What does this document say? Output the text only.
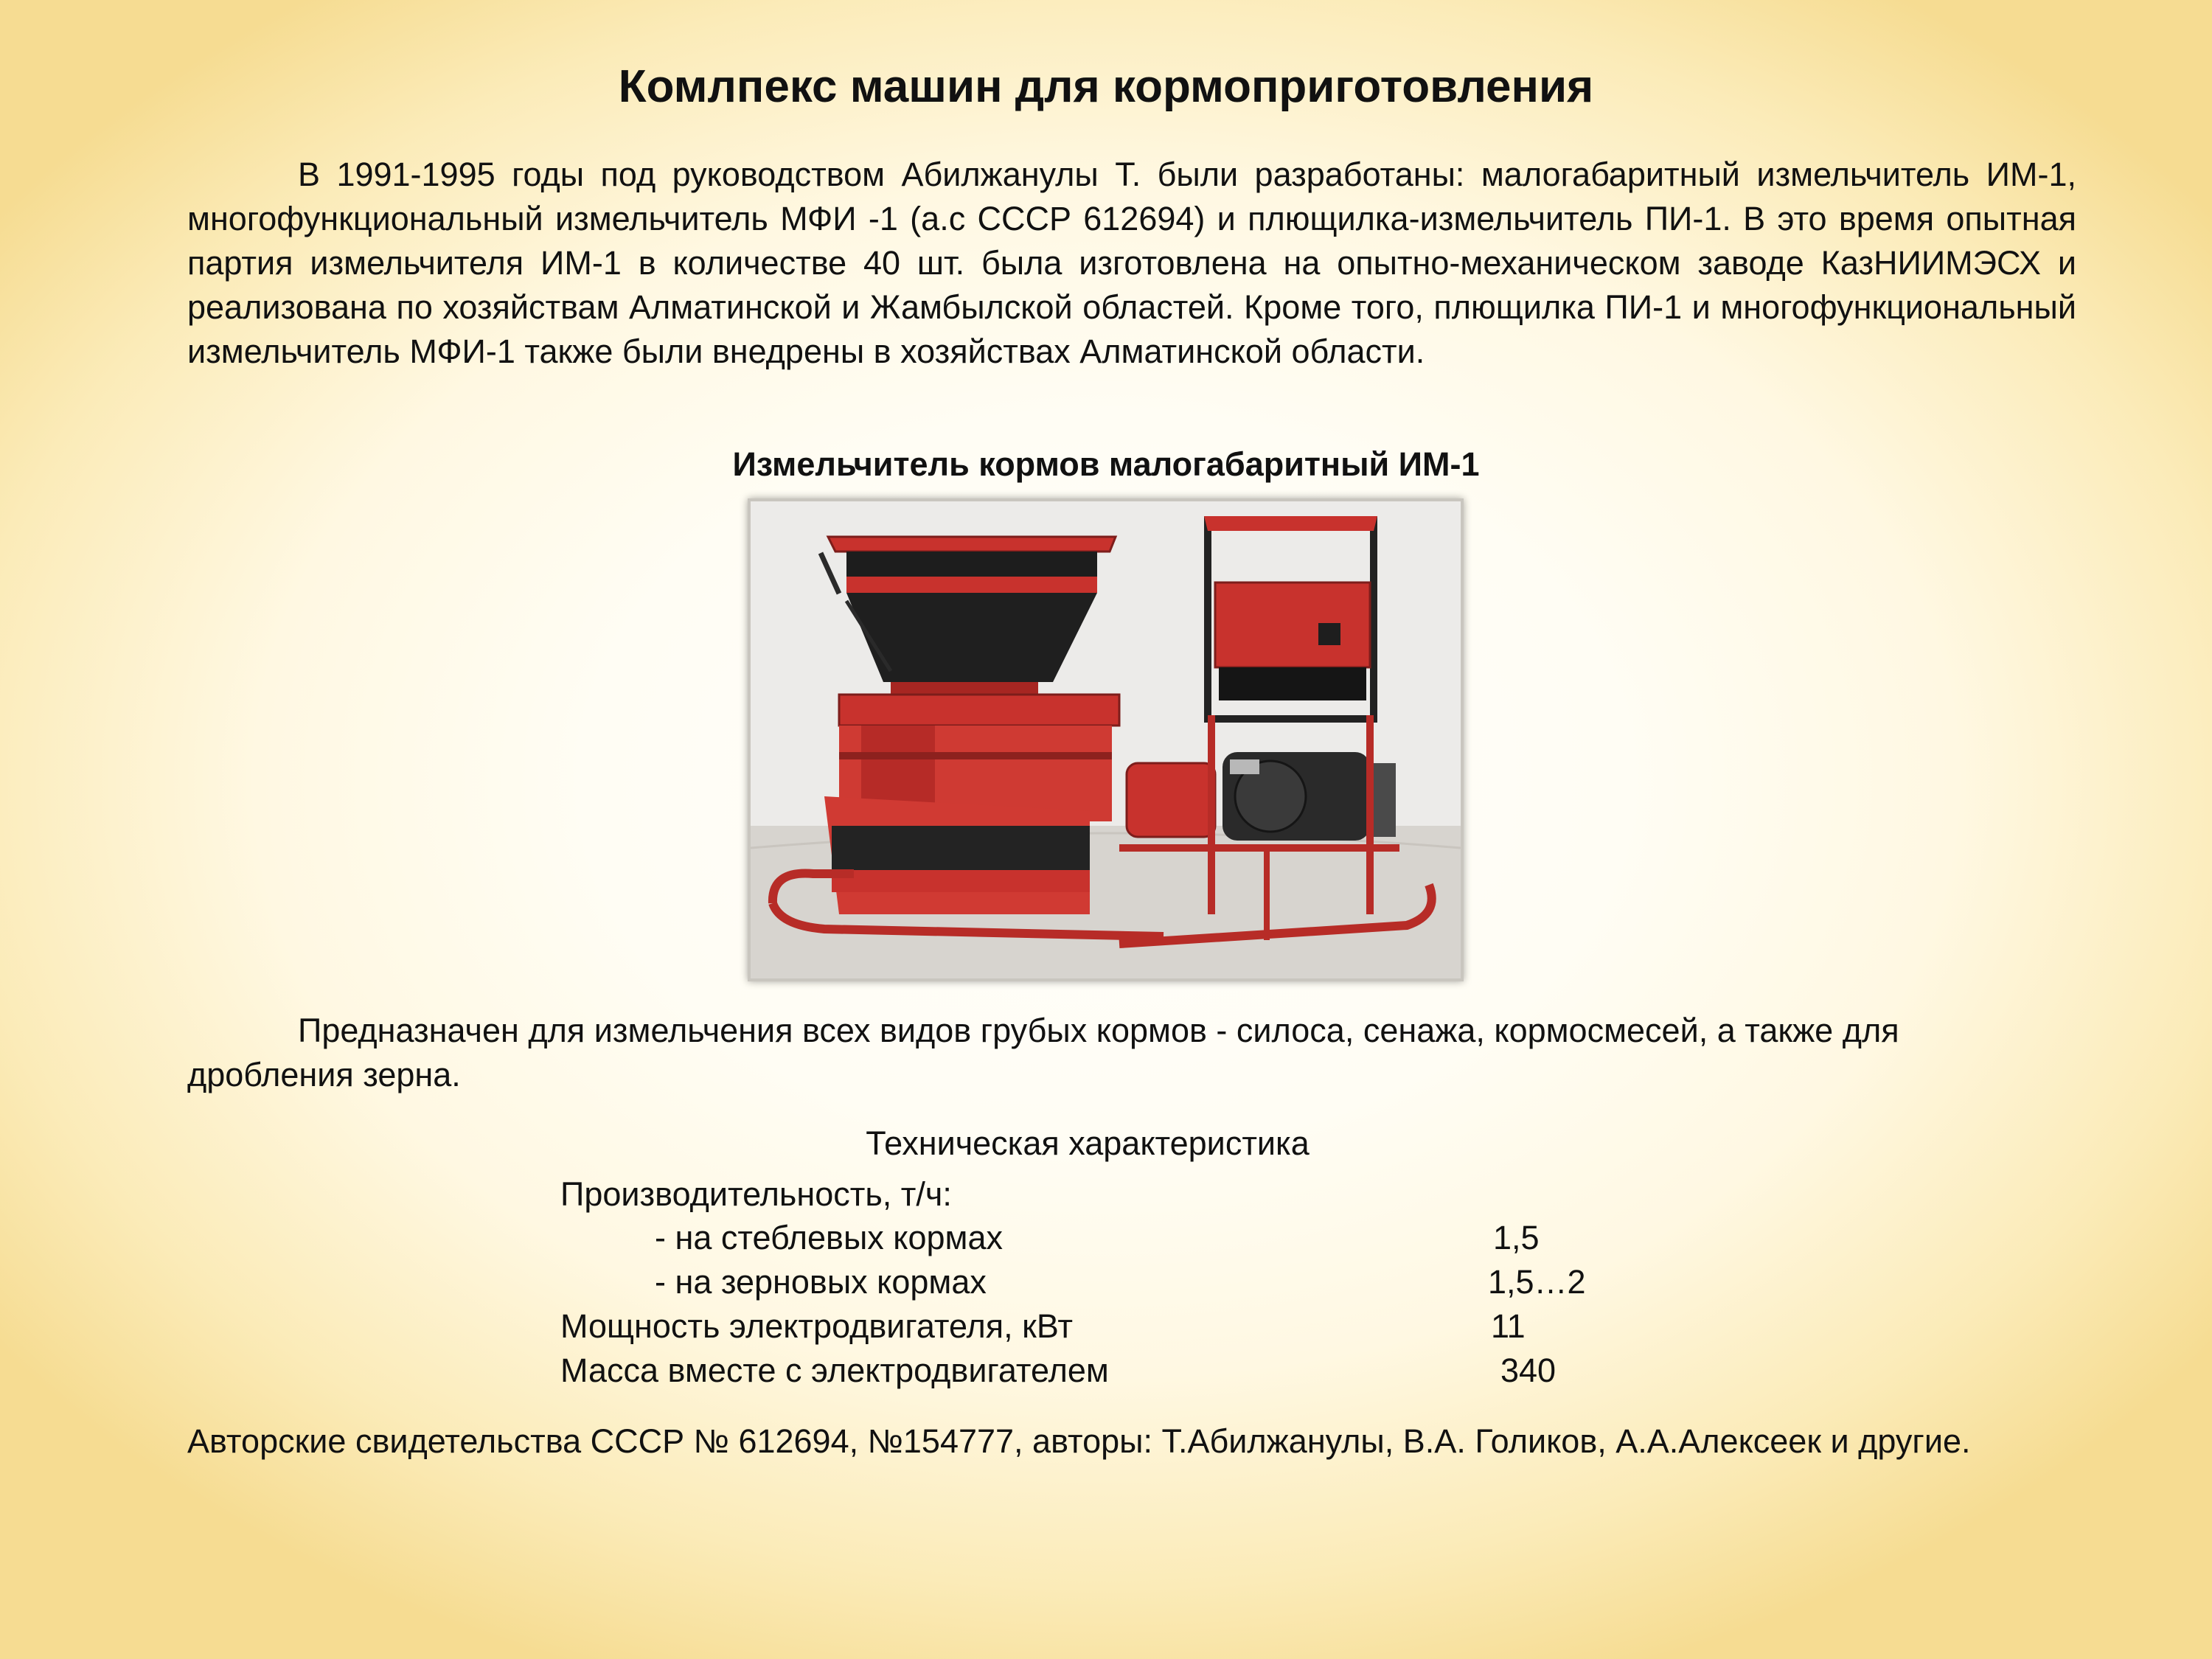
Комлпекс машин для кормоприготовления

В 1991-1995 годы под руководством Абилжанулы Т. были разработаны: малогабаритный измельчитель ИМ-1, многофункциональный измельчитель МФИ -1 (а.с СССР 612694) и плющилка-измельчитель ПИ-1. В это время опытная партия измельчителя ИМ-1 в количестве 40 шт. была изготовлена на опытно-механическом заводе КазНИИМЭСХ и реализована по хозяйствам Алматинской и Жамбылской областей. Кроме того, плющилка ПИ-1 и многофункциональный измельчитель МФИ-1 также были внедрены в хозяйствах Алматинской области.

Измельчитель кормов малогабаритный ИМ-1

Предназначен для измельчения всех видов грубых кормов - силоса, сенажа, кормосмесей, а также для дробления зерна.

Техническая характеристика
Производительность, т/ч:
- на стеблевых кормах	1,5
- на зерновых кормах	1,5…2
Мощность электродвигателя, кВт	11
Масса вместе с электродвигателем	340

Авторские свидетельства СССР № 612694, №154777, авторы: Т.Абилжанулы, В.А. Голиков, А.А.Алексеек и другие.
